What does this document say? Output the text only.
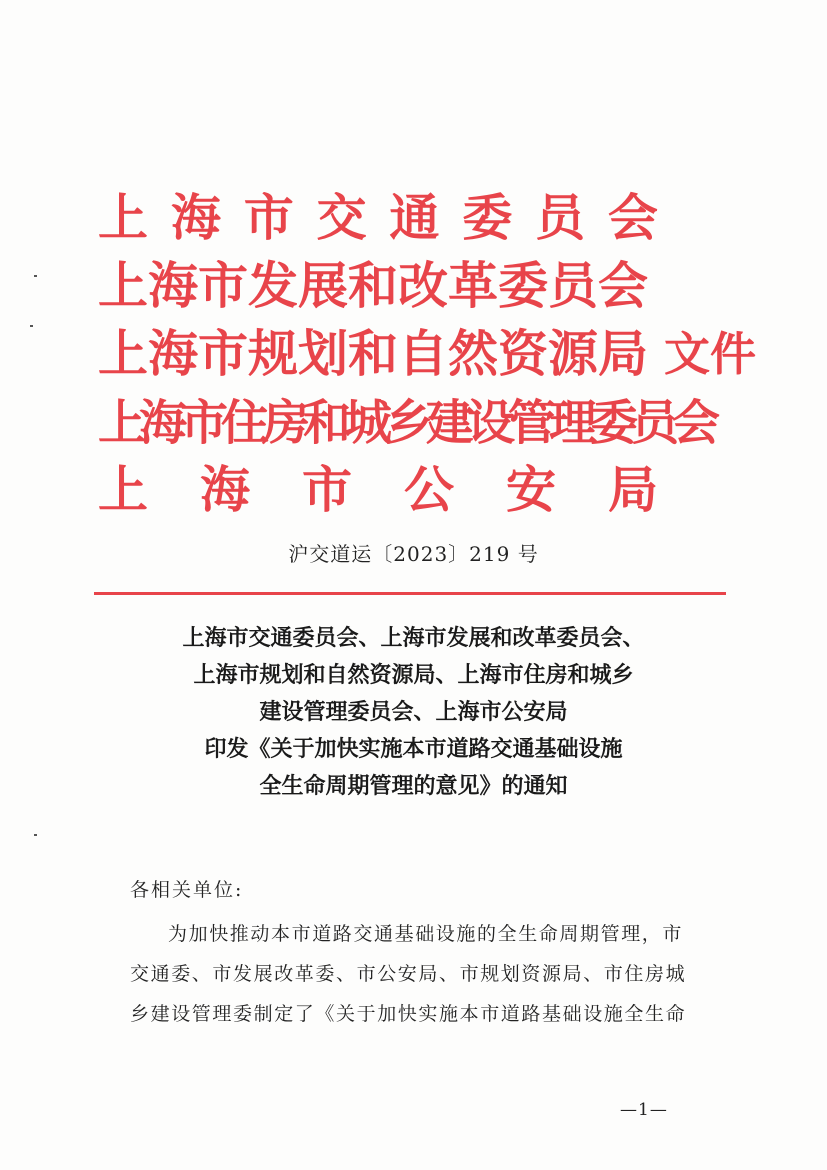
上 海 市 交 通 委 员 会
上海市发展和改革委员会
上海市规划和自然资源局
上海市住房和城乡建设管理委员会
上 海 市 公 安 局
文件
沪交道运〔2023〕219 号
上海市交通委员会、上海市发展和改革委员会、
上海市规划和自然资源局、上海市住房和城乡
建设管理委员会、上海市公安局
印发《关于加快实施本市道路交通基础设施
全生命周期管理的意见》的通知
各相关单位:
为加快推动本市道路交通基础设施的全生命周期管理，市
交通委、市发展改革委、市公安局、市规划资源局、市住房城
乡建设管理委制定了《关于加快实施本市道路基础设施全生命
—1—
